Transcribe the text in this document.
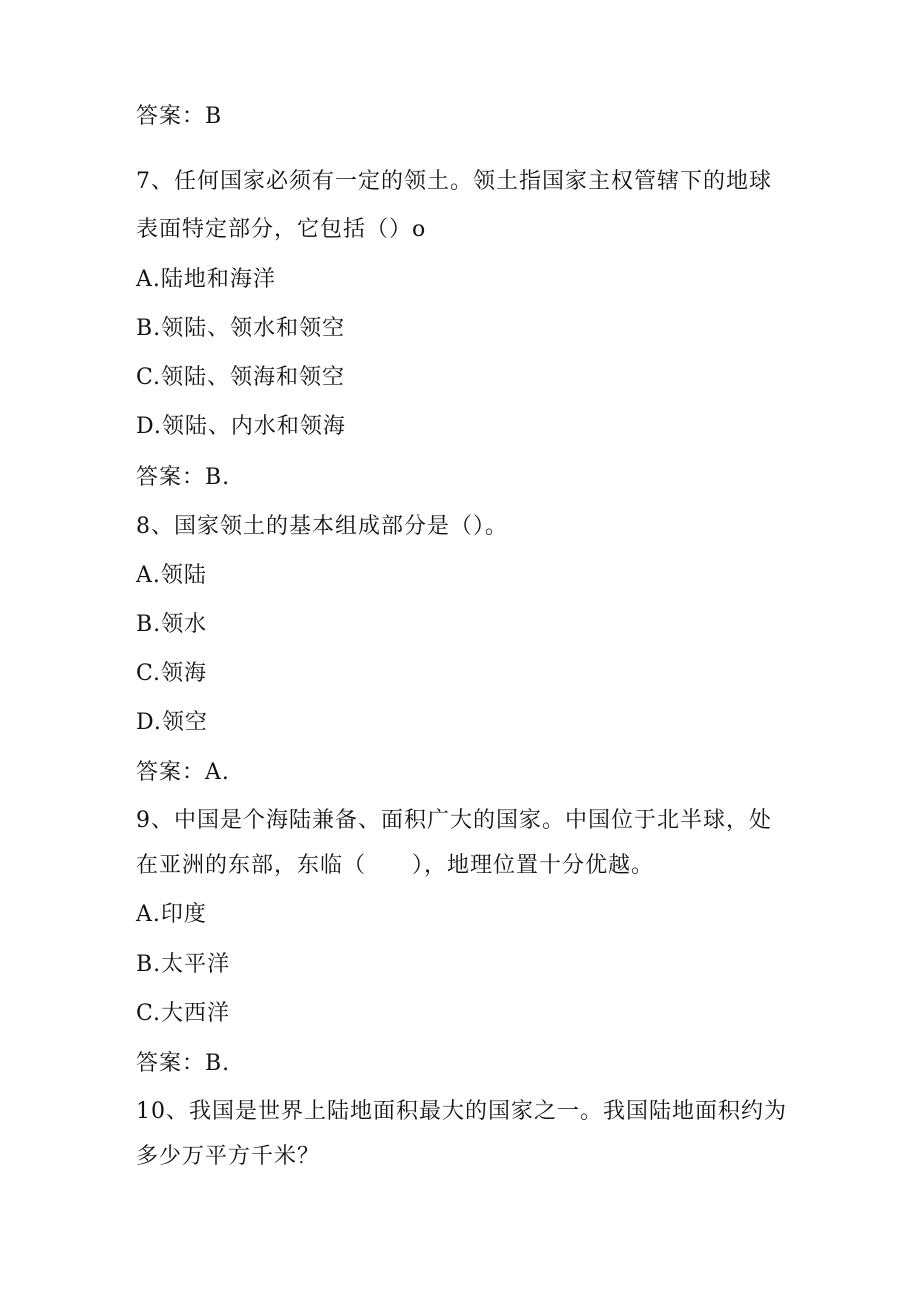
答案：B
7、任何国家必须有一定的领土。领土指国家主权管辖下的地球
表面特定部分，它包括（）o
A.陆地和海洋
B.领陆、领水和领空
C.领陆、领海和领空
D.领陆、内水和领海
答案：B.
8、国家领土的基本组成部分是（）。
A.领陆
B.领水
C.领海
D.领空
答案：A.
9、中国是个海陆兼备、面积广大的国家。中国位于北半球，处
在亚洲的东部，东临（　　），地理位置十分优越。
A.印度
B.太平洋
C.大西洋
答案：B.
10、我国是世界上陆地面积最大的国家之一。我国陆地面积约为
多少万平方千米？
